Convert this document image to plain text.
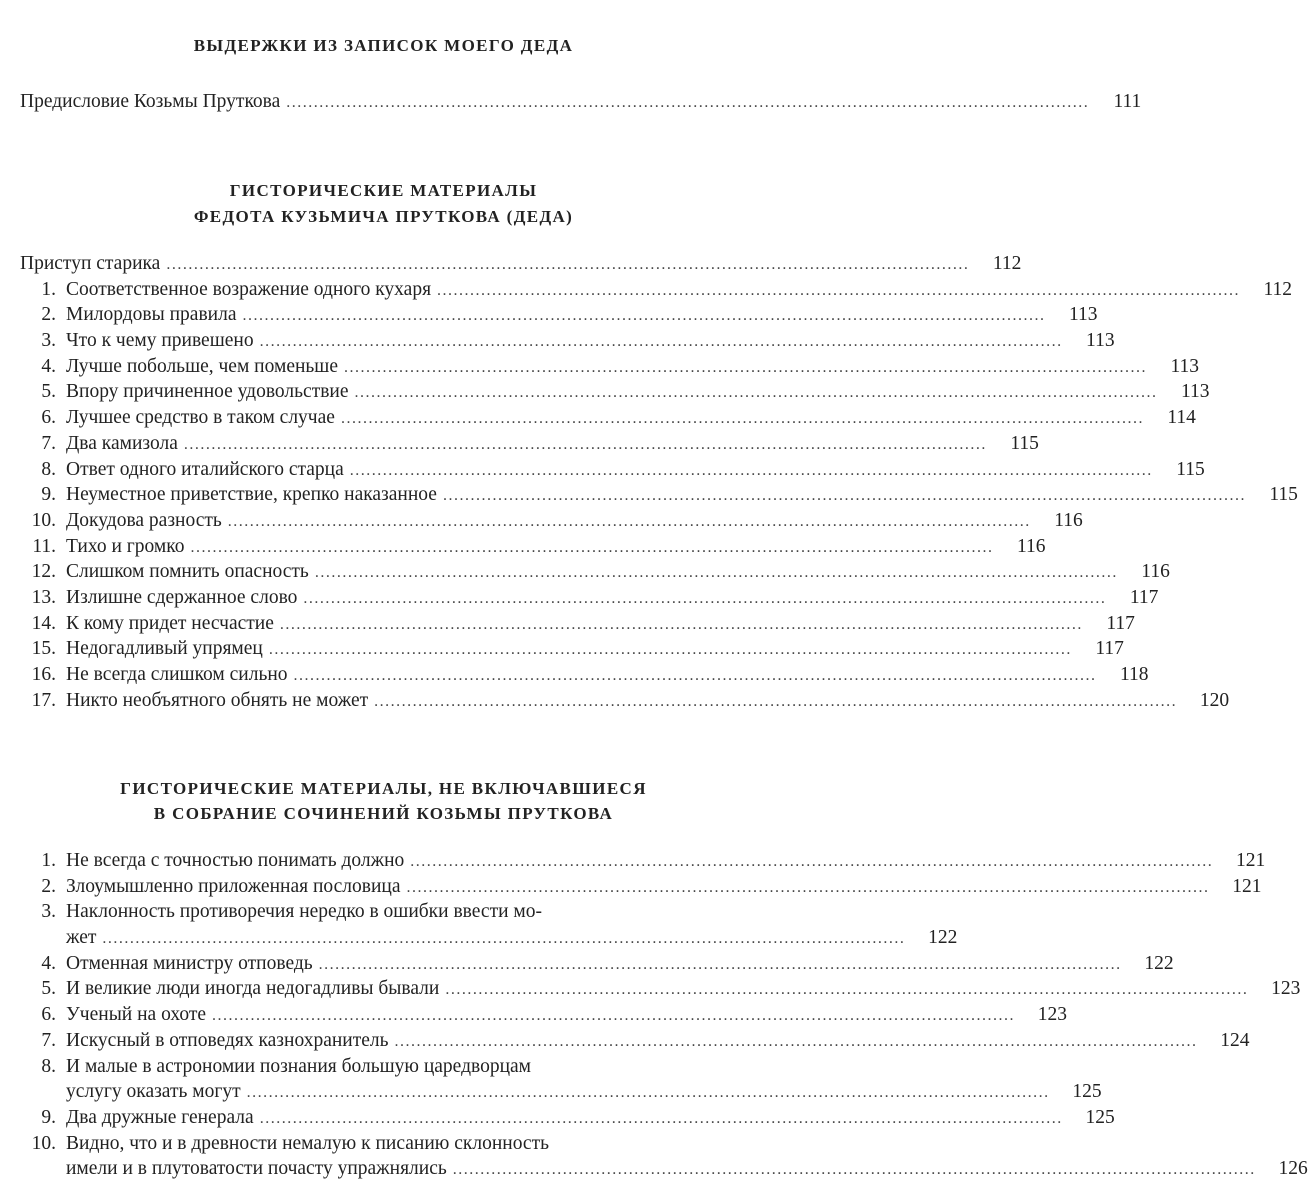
ВЫДЕРЖКИ ИЗ ЗАПИСОК МОЕГО ДЕДА
Предисловие Козьмы Пруткова ..................................................................................................................................................	111
ГИСТОРИЧЕСКИЕ МАТЕРИАЛЫ
ФЕДОТА КУЗЬМИЧА ПРУТКОВА (ДЕДА)
Приступ старика ..................................................................................................................................................	112
1. Соответственное возражение одного кухаря ..................................................................................................................................................	112
2. Милордовы правила ..................................................................................................................................................	113
3. Что к чему привешено ..................................................................................................................................................	113
4. Лучше побольше, чем поменьше ..................................................................................................................................................	113
5. Впору причиненное удовольствие ..................................................................................................................................................	113
6. Лучшее средство в таком случае ..................................................................................................................................................	114
7. Два камизола ..................................................................................................................................................	115
8. Ответ одного италийского старца ..................................................................................................................................................	115
9. Неуместное приветствие, крепко наказанное ..................................................................................................................................................	115
10. Докудова разность ..................................................................................................................................................	116
11. Тихо и громко ..................................................................................................................................................	116
12. Слишком помнить опасность ..................................................................................................................................................	116
13. Излишне сдержанное слово ..................................................................................................................................................	117
14. К кому придет несчастие ..................................................................................................................................................	117
15. Недогадливый упрямец ..................................................................................................................................................	117
16. Не всегда слишком сильно ..................................................................................................................................................	118
17. Никто необъятного обнять не может ..................................................................................................................................................	120
ГИСТОРИЧЕСКИЕ МАТЕРИАЛЫ, НЕ ВКЛЮЧАВШИЕСЯ
В СОБРАНИЕ СОЧИНЕНИЙ КОЗЬМЫ ПРУТКОВА
1. Не всегда с точностью понимать должно ..................................................................................................................................................	121
2. Злоумышленно приложенная пословица ..................................................................................................................................................	121
3. Наклонность противоречия нередко в ошибки ввести мо-
жет ..................................................................................................................................................	122
4. Отменная министру отповедь ..................................................................................................................................................	122
5. И великие люди иногда недогадливы бывали ..................................................................................................................................................	123
6. Ученый на охоте ..................................................................................................................................................	123
7. Искусный в отповедях казнохранитель ..................................................................................................................................................	124
8. И малые в астрономии познания большую царедворцам
услугу оказать могут ..................................................................................................................................................	125
9. Два дружные генерала ..................................................................................................................................................	125
10. Видно, что и в древности немалую к писанию склонность
имели и в плутоватости почасту упражнялись ..................................................................................................................................................	126
